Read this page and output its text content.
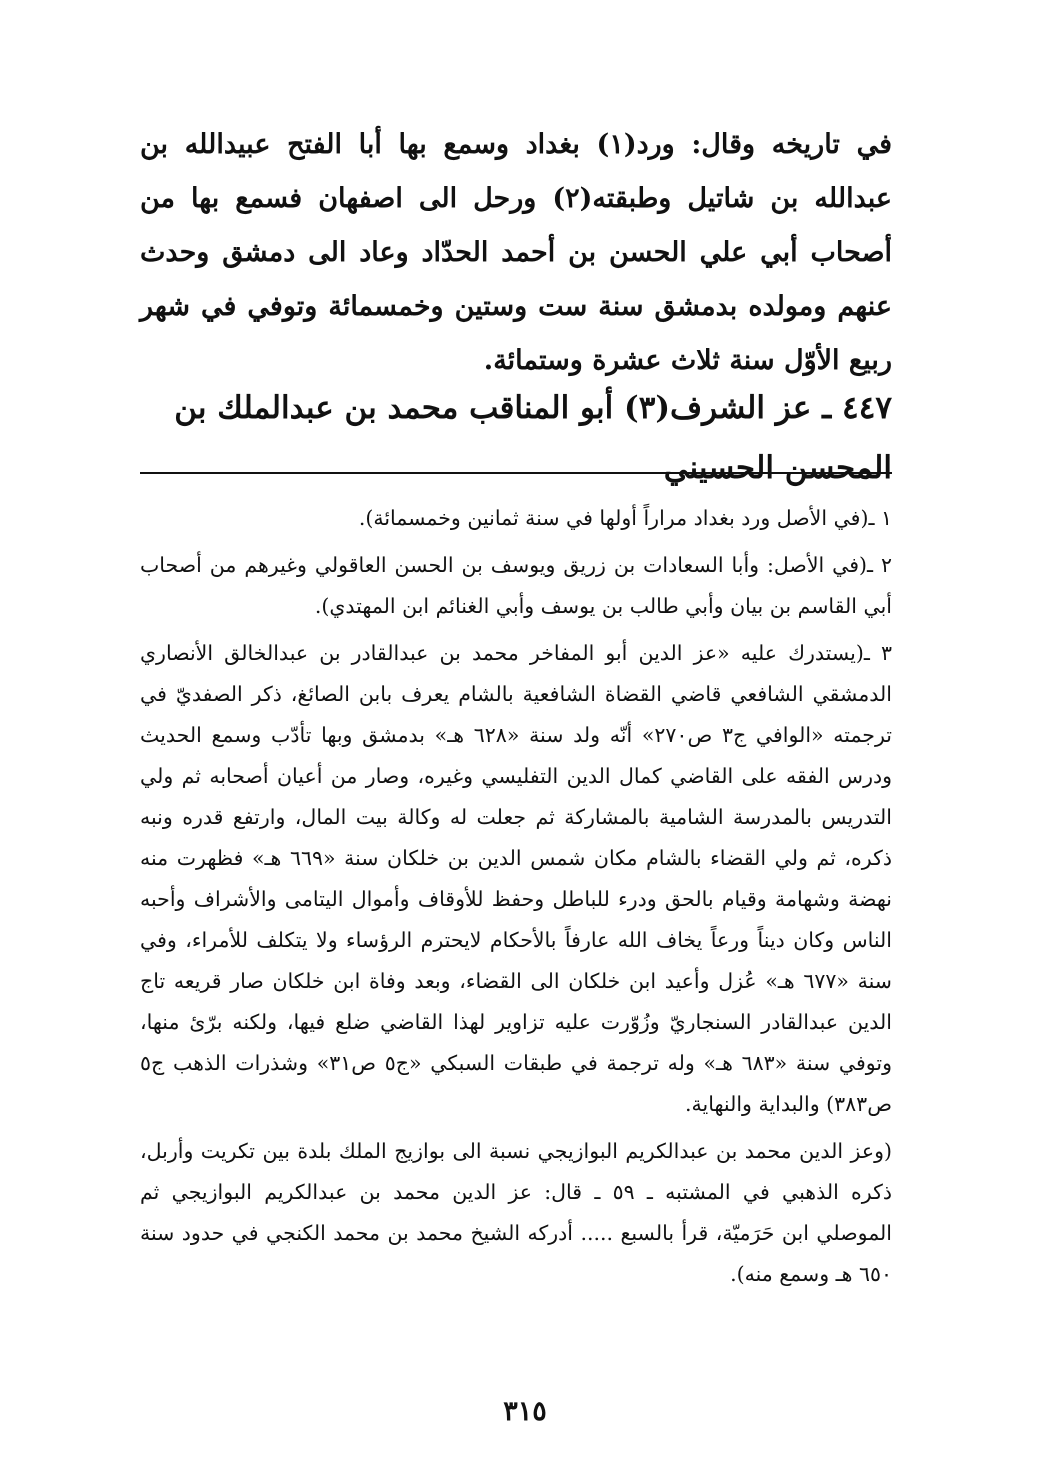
في تاريخه وقال: ورد(١) بغداد وسمع بها أبا الفتح عبيدالله بن عبدالله بن شاتيل وطبقته(٢) ورحل الى اصفهان فسمع بها من أصحاب أبي علي الحسن بن أحمد الحدّاد وعاد الى دمشق وحدث عنهم ومولده بدمشق سنة ست وستين وخمسمائة وتوفي في شهر ربيع الأوّل سنة ثلاث عشرة وستمائة.

٤٤٧ ـ عز الشرف(٣) أبو المناقب محمد بن عبدالملك بن المحسن الحسيني

١ ـ(في الأصل ورد بغداد مراراً أولها في سنة ثمانين وخمسمائة).

٢ ـ(في الأصل: وأبا السعادات بن زريق ويوسف بن الحسن العاقولي وغيرهم من أصحاب أبي القاسم بن بيان وأبي طالب بن يوسف وأبي الغنائم ابن المهتدي).

٣ ـ(يستدرك عليه «عز الدين أبو المفاخر محمد بن عبدالقادر بن عبدالخالق الأنصاري الدمشقي الشافعي قاضي القضاة الشافعية بالشام يعرف بابن الصائغ، ذكر الصفديّ في ترجمته «الوافي ج٣ ص٢٧٠» أنّه ولد سنة «٦٢٨ هـ» بدمشق وبها تأدّب وسمع الحديث ودرس الفقه على القاضي كمال الدين التفليسي وغيره، وصار من أعيان أصحابه ثم ولي التدريس بالمدرسة الشامية بالمشاركة ثم جعلت له وكالة بيت المال، وارتفع قدره ونبه ذكره، ثم ولي القضاء بالشام مكان شمس الدين بن خلكان سنة «٦٦٩ هـ» فظهرت منه نهضة وشهامة وقيام بالحق ودرء للباطل وحفظ للأوقاف وأموال اليتامى والأشراف وأحبه الناس وكان ديناً ورعاً يخاف الله عارفاً بالأحكام لايحترم الرؤساء ولا يتكلف للأمراء، وفي سنة «٦٧٧ هـ» عُزل وأعيد ابن خلكان الى القضاء، وبعد وفاة ابن خلكان صار قريعه تاج الدين عبدالقادر السنجاريّ وزُوّرت عليه تزاوير لهذا القاضي ضلع فيها، ولكنه برّئ منها، وتوفي سنة «٦٨٣ هـ» وله ترجمة في طبقات السبكي «ج٥ ص٣١» وشذرات الذهب ج٥ ص٣٨٣) والبداية والنهاية.

(وعز الدين محمد بن عبدالكريم البوازيجي نسبة الى بوازيج الملك بلدة بين تكريت وأربل، ذكره الذهبي في المشتبه ـ ٥٩ ـ قال: عز الدين محمد بن عبدالكريم البوازيجي ثم الموصلي ابن حَرَميّة، قرأ بالسبع ..... أدركه الشيخ محمد بن محمد الكنجي في حدود سنة ٦٥٠ هـ وسمع منه).

٣١٥
